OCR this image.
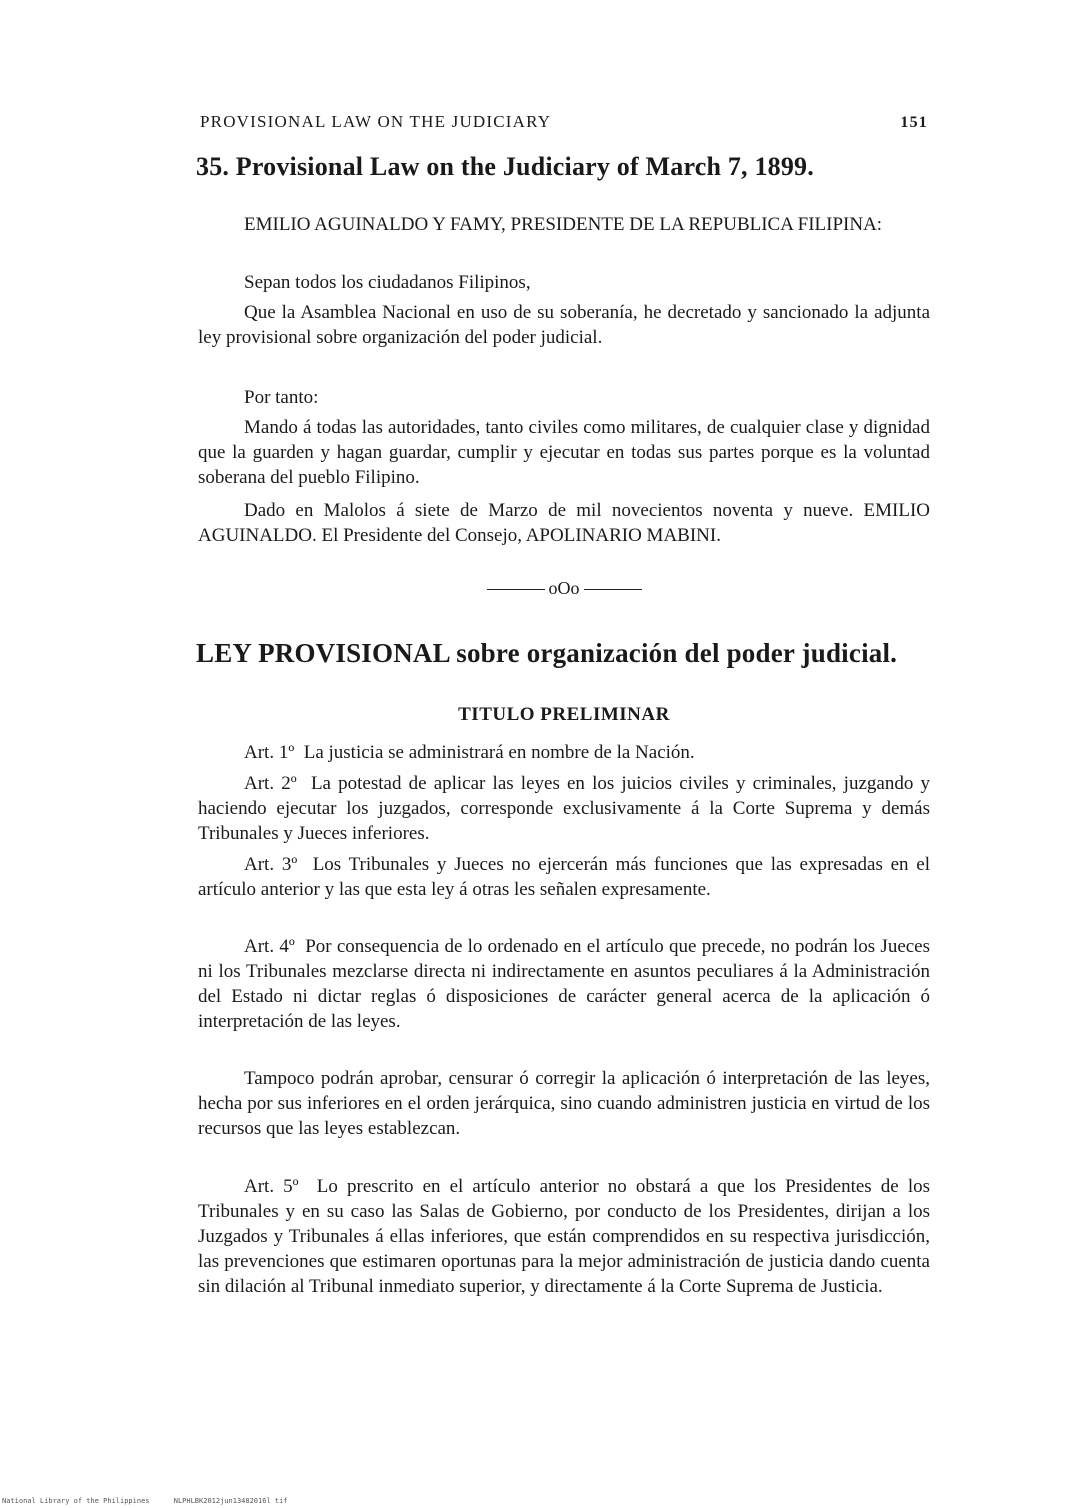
PROVISIONAL LAW ON THE JUDICIARY	151
35. Provisional Law on the Judiciary of March 7, 1899.
EMILIO AGUINALDO Y FAMY, PRESIDENTE DE LA REPUBLICA FILIPINA:
Sepan todos los ciudadanos Filipinos,
Que la Asamblea Nacional en uso de su soberanía, he decretado y sancionado la adjunta ley provisional sobre organización del poder judicial.
Por tanto:
Mando á todas las autoridades, tanto civiles como militares, de cualquier clase y dignidad que la guarden y hagan guardar, cumplir y ejecutar en todas sus partes porque es la voluntad soberana del pueblo Filipino.
Dado en Malolos á siete de Marzo de mil novecientos noventa y nueve. EMILIO AGUINALDO. El Presidente del Consejo, APOLINARIO MABINI.
oOo
LEY PROVISIONAL sobre organización del poder judicial.
TITULO PRELIMINAR
Art. 1º La justicia se administrará en nombre de la Nación.
Art. 2º La potestad de aplicar las leyes en los juicios civiles y criminales, juzgando y haciendo ejecutar los juzgados, corresponde exclusivamente á la Corte Suprema y demás Tribunales y Jueces inferiores.
Art. 3º Los Tribunales y Jueces no ejercerán más funciones que las expresadas en el artículo anterior y las que esta ley á otras les señalen expresamente.
Art. 4º Por consequencia de lo ordenado en el artículo que precede, no podrán los Jueces ni los Tribunales mezclarse directa ni indirectamente en asuntos peculiares á la Administración del Estado ni dictar reglas ó disposiciones de carácter general acerca de la aplicación ó interpretación de las leyes.
Tampoco podrán aprobar, censurar ó corregir la aplicación ó interpretación de las leyes, hecha por sus inferiores en el orden jerárquica, sino cuando administren justicia en virtud de los recursos que las leyes establezcan.
Art. 5º Lo prescrito en el artículo anterior no obstará a que los Presidentes de los Tribunales y en su caso las Salas de Gobierno, por conducto de los Presidentes, dirijan a los Juzgados y Tribunales á ellas inferiores, que están comprendidos en su respectiva jurisdicción, las prevenciones que estimaren oportunas para la mejor administración de justicia dando cuenta sin dilación al Tribunal inmediato superior, y directamente á la Corte Suprema de Justicia.
National Library of the Philippines	NLPHLBK2012jun13482016l tif
